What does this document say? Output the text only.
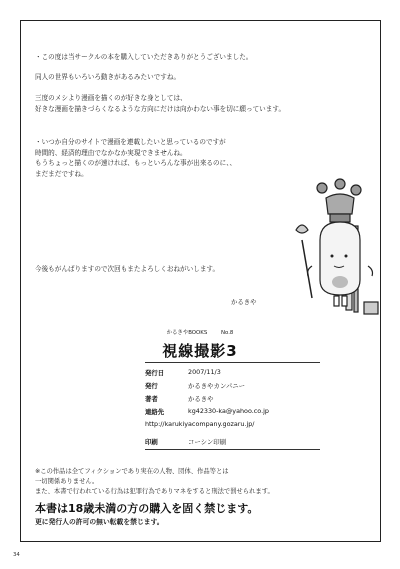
・この度は当サークルの本を購入していただきありがとうございました。
同人の世界もいろいろ動きがあるみたいですね。
三度のメシより漫画を描くのが好きな身としては、
好きな漫画を描きづらくなるような方向にだけは向かわない事を切に願っています。
・いつか自分のサイトで漫画を連載したいと思っているのですが
時間的、経済的理由でなかなか実現できませんね。
もうちょっと描くのが速ければ、もっといろんな事が出来るのに、、
まだまだですね。
今後もがんばりますので次回もまたよろしくおねがいします。
かるきや
かるきやBOOKS	No.8
視線撮影3
発行日	2007/11/3
発行	かるきやカンパニー
著者	かるきや
連絡先	kg42330-ka@yahoo.co.jp
http://karukiyacompany.gozaru.jp/
印刷	コーシン印刷
※この作品は全てフィクションであり実在の人物、団体、作品等とは
一切関係ありません。
また、本書で行われている行為は犯罪行為でありマネをすると刑法で罰せられます。
本書は18歳未満の方の購入を固く禁じます。
更に発行人の許可の無い転載を禁じます。
34
